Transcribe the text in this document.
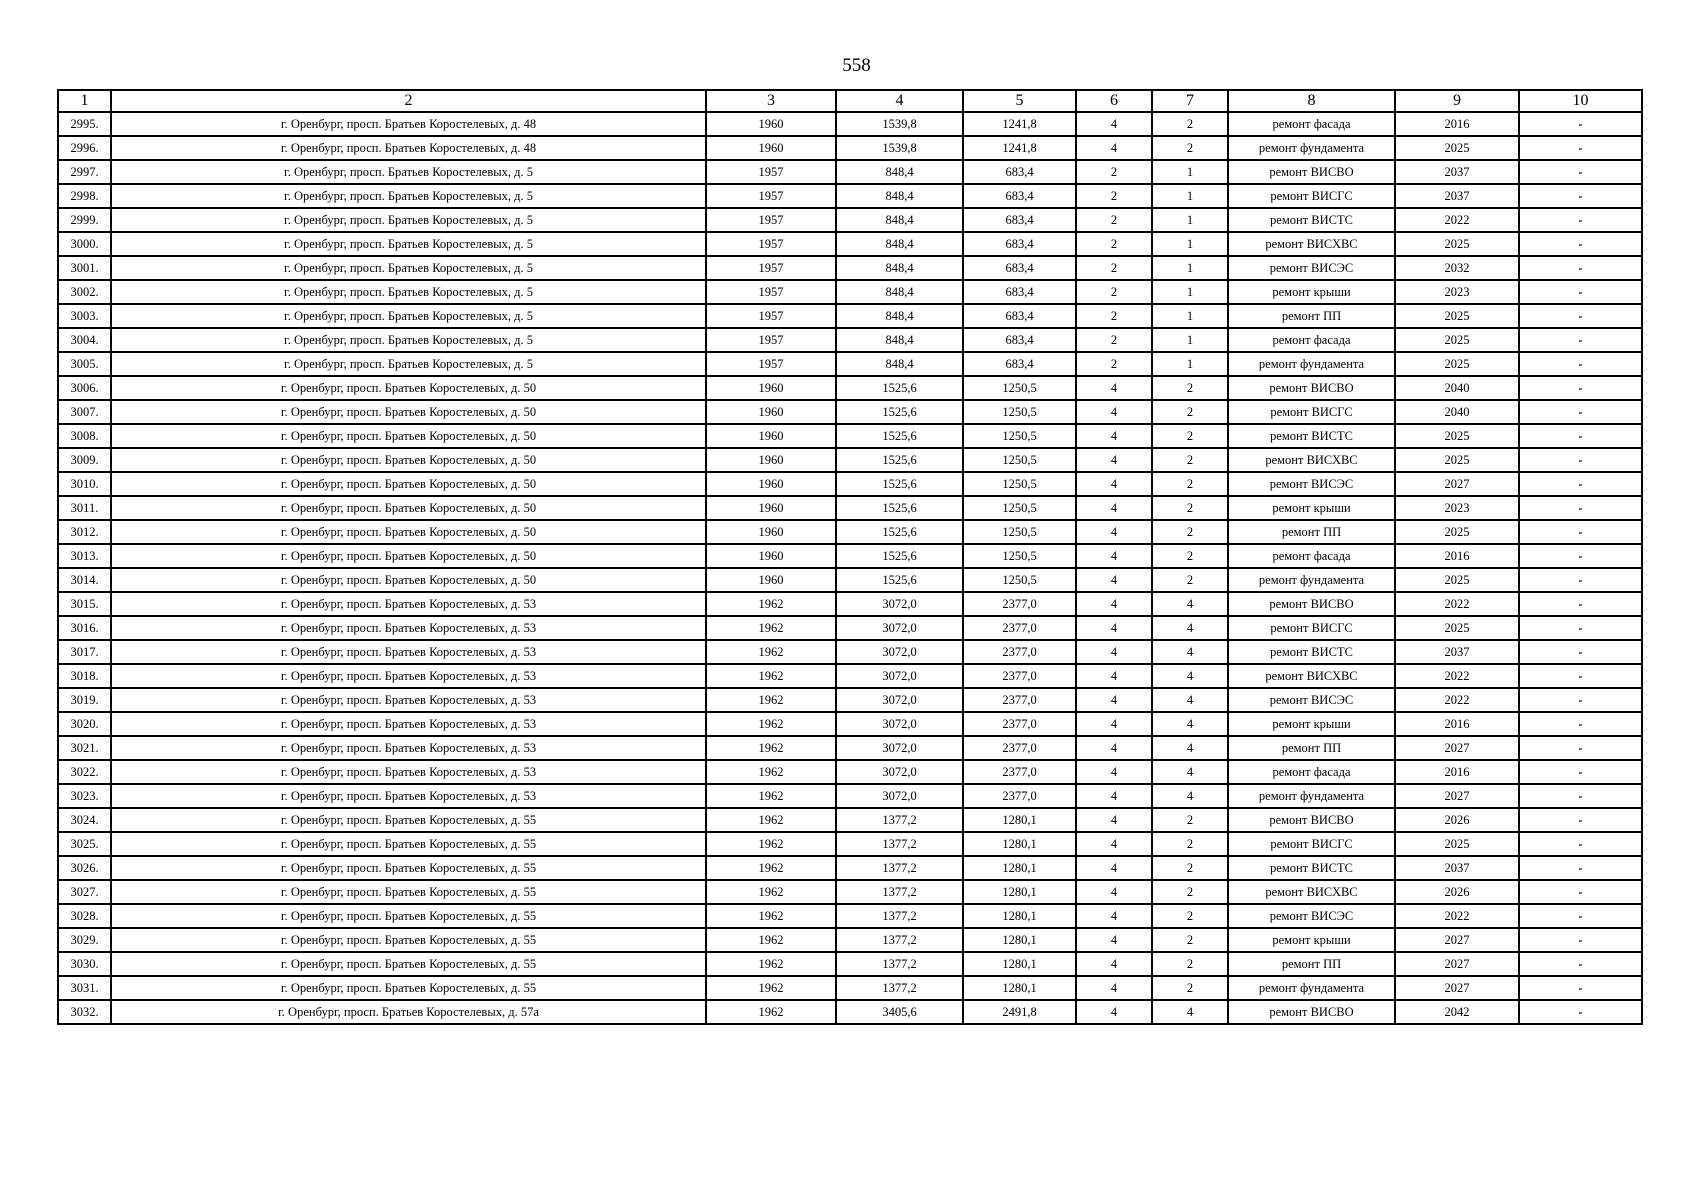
558
1	2	3	4	5	6	7	8	9	10
2995.	г. Оренбург, просп. Братьев Коростелевых, д. 48	1960	1539,8	1241,8	4	2	ремонт фасада	2016	-
2996.	г. Оренбург, просп. Братьев Коростелевых, д. 48	1960	1539,8	1241,8	4	2	ремонт фундамента	2025	-
2997.	г. Оренбург, просп. Братьев Коростелевых, д. 5	1957	848,4	683,4	2	1	ремонт ВИСВО	2037	-
2998.	г. Оренбург, просп. Братьев Коростелевых, д. 5	1957	848,4	683,4	2	1	ремонт ВИСГС	2037	-
2999.	г. Оренбург, просп. Братьев Коростелевых, д. 5	1957	848,4	683,4	2	1	ремонт ВИСТС	2022	-
3000.	г. Оренбург, просп. Братьев Коростелевых, д. 5	1957	848,4	683,4	2	1	ремонт ВИСХВС	2025	-
3001.	г. Оренбург, просп. Братьев Коростелевых, д. 5	1957	848,4	683,4	2	1	ремонт ВИСЭС	2032	-
3002.	г. Оренбург, просп. Братьев Коростелевых, д. 5	1957	848,4	683,4	2	1	ремонт крыши	2023	-
3003.	г. Оренбург, просп. Братьев Коростелевых, д. 5	1957	848,4	683,4	2	1	ремонт ПП	2025	-
3004.	г. Оренбург, просп. Братьев Коростелевых, д. 5	1957	848,4	683,4	2	1	ремонт фасада	2025	-
3005.	г. Оренбург, просп. Братьев Коростелевых, д. 5	1957	848,4	683,4	2	1	ремонт фундамента	2025	-
3006.	г. Оренбург, просп. Братьев Коростелевых, д. 50	1960	1525,6	1250,5	4	2	ремонт ВИСВО	2040	-
3007.	г. Оренбург, просп. Братьев Коростелевых, д. 50	1960	1525,6	1250,5	4	2	ремонт ВИСГС	2040	-
3008.	г. Оренбург, просп. Братьев Коростелевых, д. 50	1960	1525,6	1250,5	4	2	ремонт ВИСТС	2025	-
3009.	г. Оренбург, просп. Братьев Коростелевых, д. 50	1960	1525,6	1250,5	4	2	ремонт ВИСХВС	2025	-
3010.	г. Оренбург, просп. Братьев Коростелевых, д. 50	1960	1525,6	1250,5	4	2	ремонт ВИСЭС	2027	-
3011.	г. Оренбург, просп. Братьев Коростелевых, д. 50	1960	1525,6	1250,5	4	2	ремонт крыши	2023	-
3012.	г. Оренбург, просп. Братьев Коростелевых, д. 50	1960	1525,6	1250,5	4	2	ремонт ПП	2025	-
3013.	г. Оренбург, просп. Братьев Коростелевых, д. 50	1960	1525,6	1250,5	4	2	ремонт фасада	2016	-
3014.	г. Оренбург, просп. Братьев Коростелевых, д. 50	1960	1525,6	1250,5	4	2	ремонт фундамента	2025	-
3015.	г. Оренбург, просп. Братьев Коростелевых, д. 53	1962	3072,0	2377,0	4	4	ремонт ВИСВО	2022	-
3016.	г. Оренбург, просп. Братьев Коростелевых, д. 53	1962	3072,0	2377,0	4	4	ремонт ВИСГС	2025	-
3017.	г. Оренбург, просп. Братьев Коростелевых, д. 53	1962	3072,0	2377,0	4	4	ремонт ВИСТС	2037	-
3018.	г. Оренбург, просп. Братьев Коростелевых, д. 53	1962	3072,0	2377,0	4	4	ремонт ВИСХВС	2022	-
3019.	г. Оренбург, просп. Братьев Коростелевых, д. 53	1962	3072,0	2377,0	4	4	ремонт ВИСЭС	2022	-
3020.	г. Оренбург, просп. Братьев Коростелевых, д. 53	1962	3072,0	2377,0	4	4	ремонт крыши	2016	-
3021.	г. Оренбург, просп. Братьев Коростелевых, д. 53	1962	3072,0	2377,0	4	4	ремонт ПП	2027	-
3022.	г. Оренбург, просп. Братьев Коростелевых, д. 53	1962	3072,0	2377,0	4	4	ремонт фасада	2016	-
3023.	г. Оренбург, просп. Братьев Коростелевых, д. 53	1962	3072,0	2377,0	4	4	ремонт фундамента	2027	-
3024.	г. Оренбург, просп. Братьев Коростелевых, д. 55	1962	1377,2	1280,1	4	2	ремонт ВИСВО	2026	-
3025.	г. Оренбург, просп. Братьев Коростелевых, д. 55	1962	1377,2	1280,1	4	2	ремонт ВИСГС	2025	-
3026.	г. Оренбург, просп. Братьев Коростелевых, д. 55	1962	1377,2	1280,1	4	2	ремонт ВИСТС	2037	-
3027.	г. Оренбург, просп. Братьев Коростелевых, д. 55	1962	1377,2	1280,1	4	2	ремонт ВИСХВС	2026	-
3028.	г. Оренбург, просп. Братьев Коростелевых, д. 55	1962	1377,2	1280,1	4	2	ремонт ВИСЭС	2022	-
3029.	г. Оренбург, просп. Братьев Коростелевых, д. 55	1962	1377,2	1280,1	4	2	ремонт крыши	2027	-
3030.	г. Оренбург, просп. Братьев Коростелевых, д. 55	1962	1377,2	1280,1	4	2	ремонт ПП	2027	-
3031.	г. Оренбург, просп. Братьев Коростелевых, д. 55	1962	1377,2	1280,1	4	2	ремонт фундамента	2027	-
3032.	г. Оренбург, просп. Братьев Коростелевых, д. 57а	1962	3405,6	2491,8	4	4	ремонт ВИСВО	2042	-
